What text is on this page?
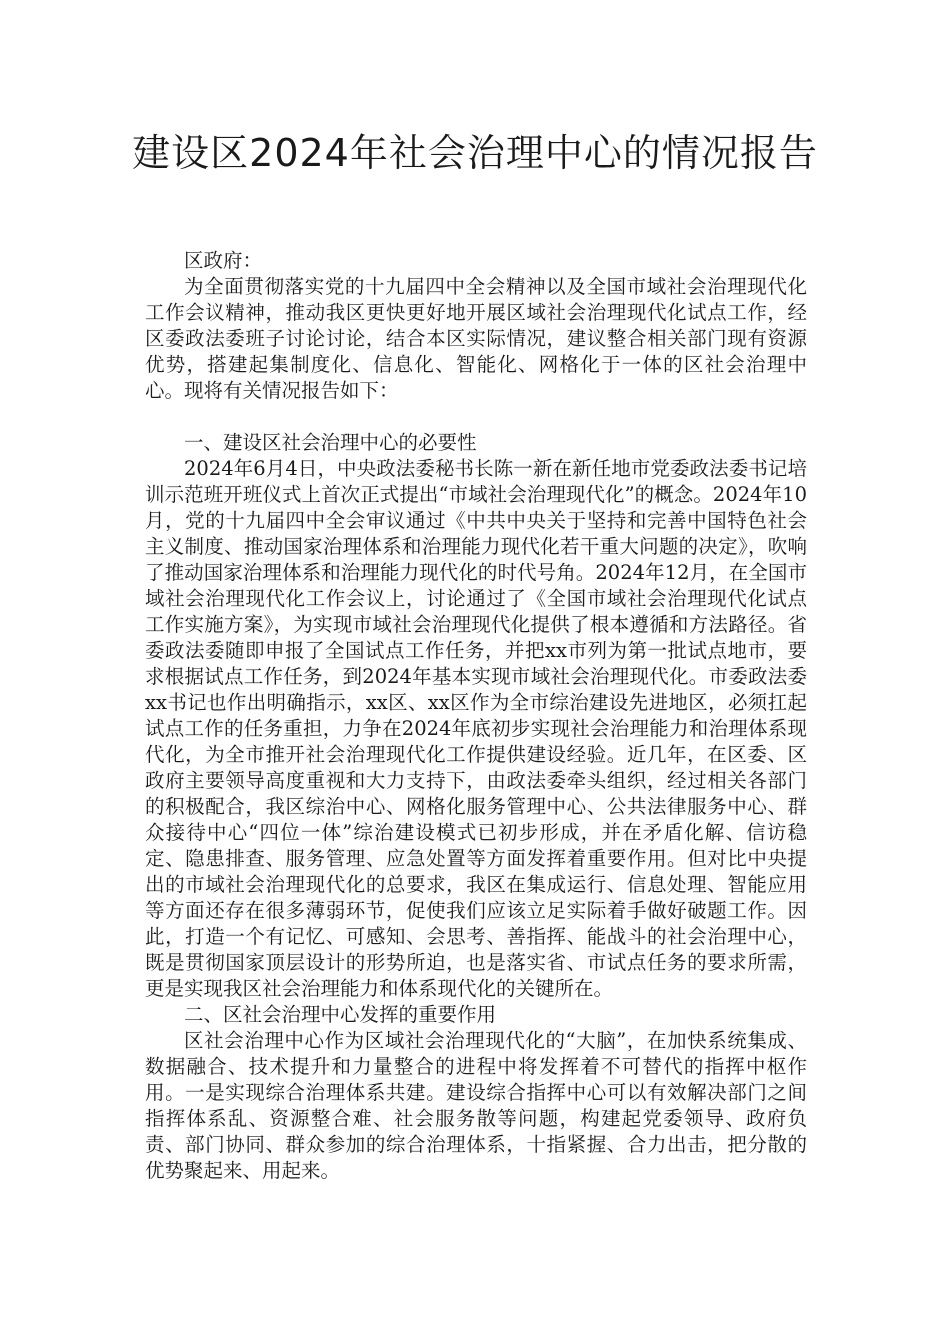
建设区2024年社会治理中心的情况报告

区政府：

为全面贯彻落实党的十九届四中全会精神以及全国市域社会治理现代化工作会议精神，推动我区更快更好地开展区域社会治理现代化试点工作，经区委政法委班子讨论讨论，结合本区实际情况，建议整合相关部门现有资源优势，搭建起集制度化、信息化、智能化、网格化于一体的区社会治理中心。现将有关情况报告如下：

一、建设区社会治理中心的必要性

2024年6月4日，中央政法委秘书长陈一新在新任地市党委政法委书记培训示范班开班仪式上首次正式提出“市域社会治理现代化”的概念。2024年10月，党的十九届四中全会审议通过《中共中央关于坚持和完善中国特色社会主义制度、推动国家治理体系和治理能力现代化若干重大问题的决定》，吹响了推动国家治理体系和治理能力现代化的时代号角。2024年12月，在全国市域社会治理现代化工作会议上，讨论通过了《全国市域社会治理现代化试点工作实施方案》，为实现市域社会治理现代化提供了根本遵循和方法路径。省委政法委随即申报了全国试点工作任务，并把xx市列为第一批试点地市，要求根据试点工作任务，到2024年基本实现市域社会治理现代化。市委政法委xx书记也作出明确指示，xx区、xx区作为全市综治建设先进地区，必须扛起试点工作的任务重担，力争在2024年底初步实现社会治理能力和治理体系现代化，为全市推开社会治理现代化工作提供建设经验。近几年，在区委、区政府主要领导高度重视和大力支持下，由政法委牵头组织，经过相关各部门的积极配合，我区综治中心、网格化服务管理中心、公共法律服务中心、群众接待中心“四位一体”综治建设模式已初步形成，并在矛盾化解、信访稳定、隐患排查、服务管理、应急处置等方面发挥着重要作用。但对比中央提出的市域社会治理现代化的总要求，我区在集成运行、信息处理、智能应用等方面还存在很多薄弱环节，促使我们应该立足实际着手做好破题工作。因此，打造一个有记忆、可感知、会思考、善指挥、能战斗的社会治理中心，既是贯彻国家顶层设计的形势所迫，也是落实省、市试点任务的要求所需，更是实现我区社会治理能力和体系现代化的关键所在。

二、区社会治理中心发挥的重要作用

区社会治理中心作为区域社会治理现代化的“大脑”，在加快系统集成、数据融合、技术提升和力量整合的进程中将发挥着不可替代的指挥中枢作用。一是实现综合治理体系共建。建设综合指挥中心可以有效解决部门之间指挥体系乱、资源整合难、社会服务散等问题，构建起党委领导、政府负责、部门协同、群众参加的综合治理体系，十指紧握、合力出击，把分散的优势聚起来、用起来。
